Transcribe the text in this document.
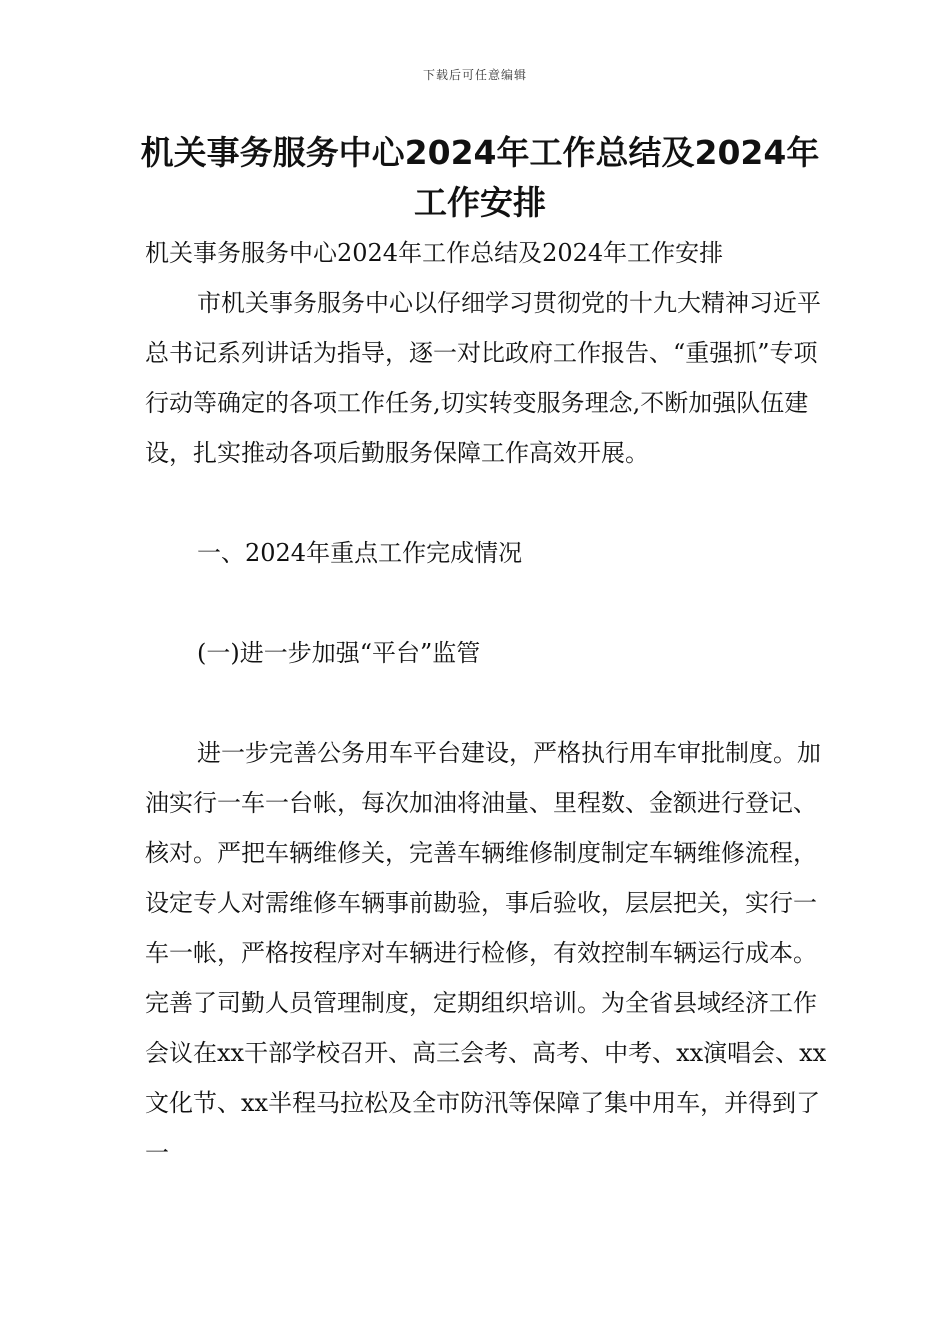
下载后可任意编辑
机关事务服务中心2024年工作总结及2024年工作安排

机关事务服务中心2024年工作总结及2024年工作安排

市机关事务服务中心以仔细学习贯彻党的十九大精神习近平总书记系列讲话为指导，逐一对比政府工作报告、“重强抓”专项行动等确定的各项工作任务,切实转变服务理念,不断加强队伍建设，扎实推动各项后勤服务保障工作高效开展。

一、2024年重点工作完成情况

(一)进一步加强“平台”监管

进一步完善公务用车平台建设，严格执行用车审批制度。加油实行一车一台帐，每次加油将油量、里程数、金额进行登记、核对。严把车辆维修关，完善车辆维修制度制定车辆维修流程，设定专人对需维修车辆事前勘验，事后验收，层层把关，实行一车一帐，严格按程序对车辆进行检修，有效控制车辆运行成本。完善了司勤人员管理制度，定期组织培训。为全省县域经济工作会议在xx干部学校召开、高三会考、高考、中考、xx演唱会、xx文化节、xx半程马拉松及全市防汛等保障了集中用车，并得到了一
